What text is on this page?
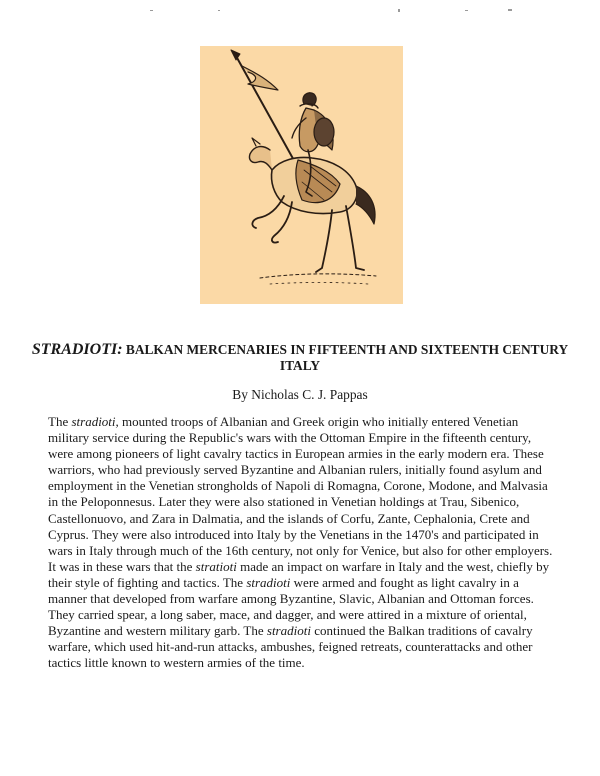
STRADIOTI: BALKAN MERCENARIES IN FIFTEENTH AND SIXTEENTH CENTURY ITALY
By Nicholas C. J. Pappas

The stradioti, mounted troops of Albanian and Greek origin who initially entered Venetian military service during the Republic's wars with the Ottoman Empire in the fifteenth century, were among pioneers of light cavalry tactics in European armies in the early modern era. These warriors, who had previously served Byzantine and Albanian rulers, initially found asylum and employment in the Venetian strongholds of Napoli di Romagna, Corone, Modone, and Malvasia in the Peloponnesus. Later they were also stationed in Venetian holdings at Trau, Sibenico, Castellonuovo, and Zara in Dalmatia, and the islands of Corfu, Zante, Cephalonia, Crete and Cyprus. They were also introduced into Italy by the Venetians in the 1470's and participated in wars in Italy through much of the 16th century, not only for Venice, but also for other employers. It was in these wars that the stratioti made an impact on warfare in Italy and the west, chiefly by their style of fighting and tactics. The stradioti were armed and fought as light cavalry in a manner that developed from warfare among Byzantine, Slavic, Albanian and Ottoman forces. They carried spear, a long saber, mace, and dagger, and were attired in a mixture of oriental, Byzantine and western military garb. The stradioti continued the Balkan traditions of cavalry warfare, which used hit-and-run attacks, ambushes, feigned retreats, counterattacks and other tactics little known to western armies of the time.
